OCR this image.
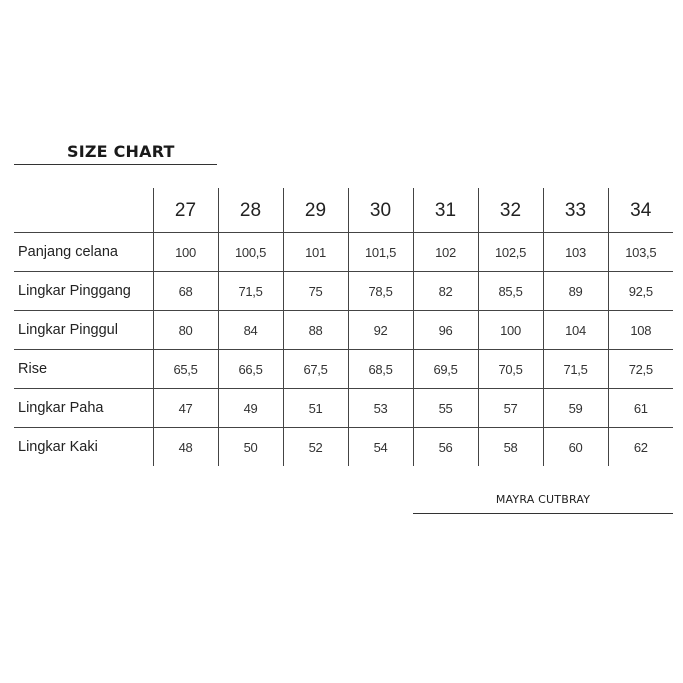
SIZE CHART
	27	28	29	30	31	32	33	34
Panjang celana	100	100,5	101	101,5	102	102,5	103	103,5
Lingkar Pinggang	68	71,5	75	78,5	82	85,5	89	92,5
Lingkar Pinggul	80	84	88	92	96	100	104	108
Rise	65,5	66,5	67,5	68,5	69,5	70,5	71,5	72,5
Lingkar Paha	47	49	51	53	55	57	59	61
Lingkar Kaki	48	50	52	54	56	58	60	62
MAYRA CUTBRAY
